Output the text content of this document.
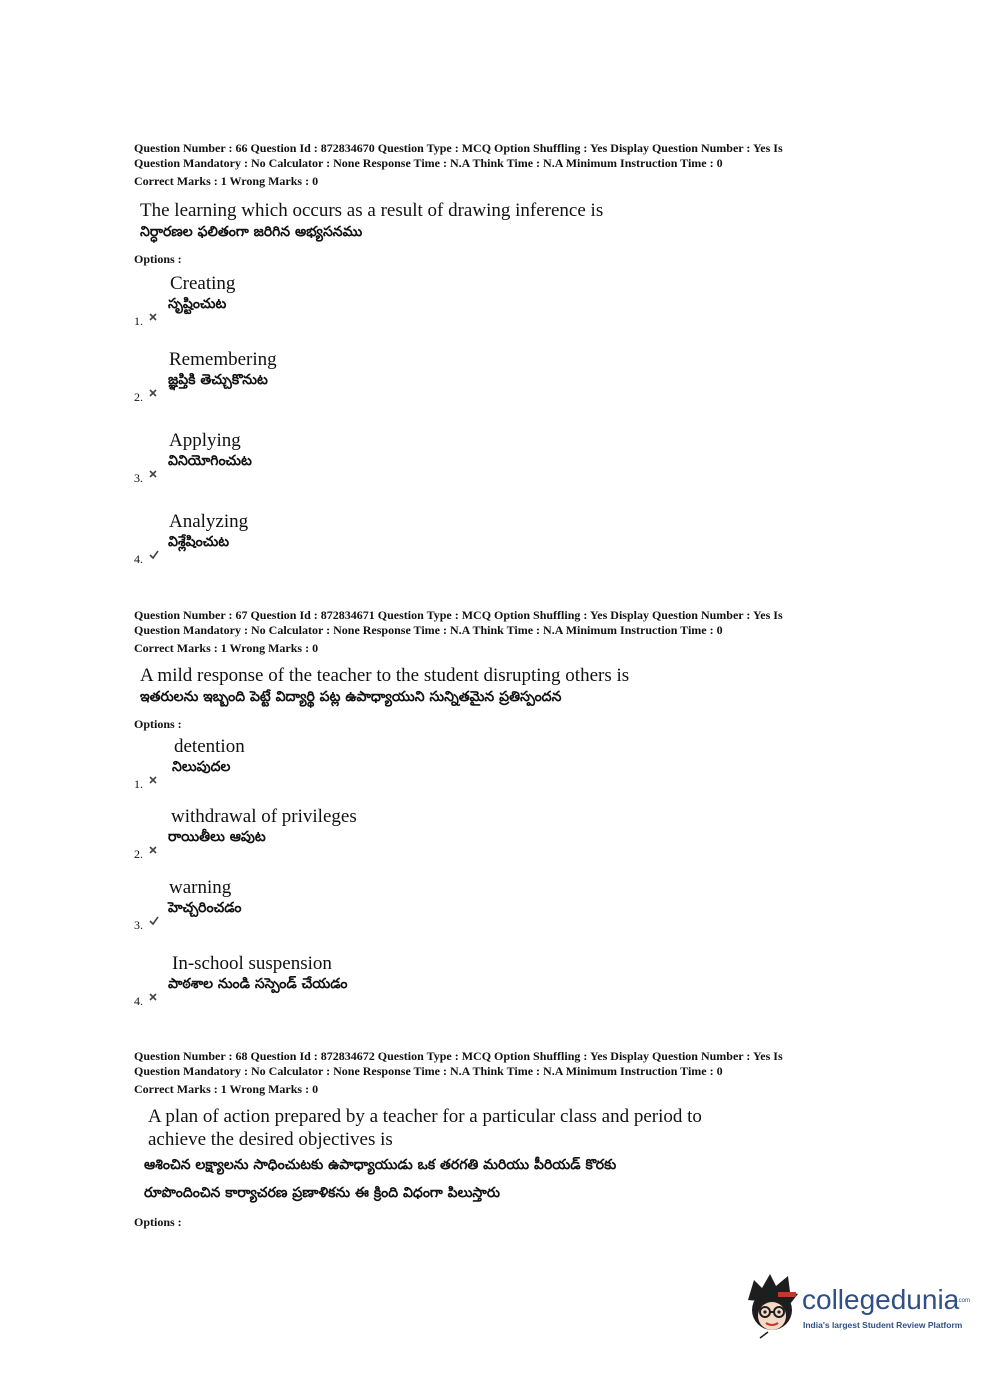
Question Number : 66 Question Id : 872834670 Question Type : MCQ Option Shuffling : Yes Display Question Number : Yes Is
Question Mandatory : No Calculator : None Response Time : N.A Think Time : N.A Minimum Instruction Time : 0
Correct Marks : 1 Wrong Marks : 0
The learning which occurs as a result of drawing inference is
నిర్ధారణల ఫలితంగా జరిగిన అభ్యసనము
Options :
Creating
సృష్టించుట
1.
Remembering
జ్ఞప్తికి తెచ్చుకొనుట
2.
Applying
వినియోగించుట
3.
Analyzing
విశ్లేషించుట
4.
Question Number : 67 Question Id : 872834671 Question Type : MCQ Option Shuffling : Yes Display Question Number : Yes Is
Question Mandatory : No Calculator : None Response Time : N.A Think Time : N.A Minimum Instruction Time : 0
Correct Marks : 1 Wrong Marks : 0
A mild response of the teacher to the student disrupting others is
ఇతరులను ఇబ్బంది పెట్టే విద్యార్థి పట్ల ఉపాధ్యాయుని సున్నితమైన ప్రతిస్పందన
Options :
detention
నిలుపుదల
1.
withdrawal of privileges
రాయితీలు ఆపుట
2.
warning
హెచ్చరించడం
3.
In-school suspension
పాఠశాల నుండి సస్పెండ్ చేయడం
4.
Question Number : 68 Question Id : 872834672 Question Type : MCQ Option Shuffling : Yes Display Question Number : Yes Is
Question Mandatory : No Calculator : None Response Time : N.A Think Time : N.A Minimum Instruction Time : 0
Correct Marks : 1 Wrong Marks : 0
A plan of action prepared by a teacher for a particular class and period to
achieve the desired objectives is
ఆశించిన లక్ష్యాలను సాధించుటకు ఉపాధ్యాయుడు ఒక తరగతి మరియు పీరియడ్ కొరకు
రూపొందించిన కార్యాచరణ ప్రణాళికను ఈ క్రింది విధంగా పిలుస్తారు
Options :
collegedunia
.com
India's largest Student Review Platform
